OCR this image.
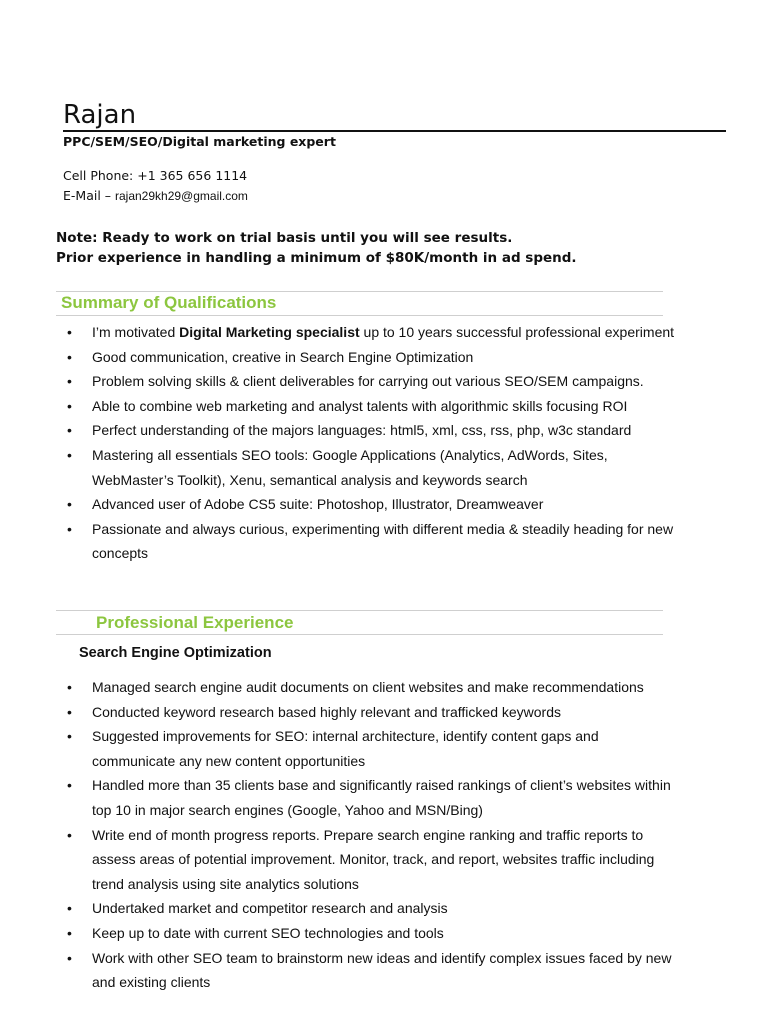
Rajan
PPC/SEM/SEO/Digital marketing expert
Cell Phone: +1 365 656 1114
E-Mail – rajan29kh29@gmail.com
Note: Ready to work on trial basis until you will see results.
Prior experience in handling a minimum of $80K/month in ad spend.
Summary of Qualifications
• I’m motivated Digital Marketing specialist up to 10 years successful professional experiment
• Good communication, creative in Search Engine Optimization
• Problem solving skills & client deliverables for carrying out various SEO/SEM campaigns.
• Able to combine web marketing and analyst talents with algorithmic skills focusing ROI
• Perfect understanding of the majors languages: html5, xml, css, rss, php, w3c standard
• Mastering all essentials SEO tools: Google Applications (Analytics, AdWords, Sites, WebMaster’s Toolkit), Xenu, semantical analysis and keywords search
• Advanced user of Adobe CS5 suite: Photoshop, Illustrator, Dreamweaver
• Passionate and always curious, experimenting with different media & steadily heading for new concepts
Professional Experience
Search Engine Optimization
• Managed search engine audit documents on client websites and make recommendations
• Conducted keyword research based highly relevant and trafficked keywords
• Suggested improvements for SEO: internal architecture, identify content gaps and communicate any new content opportunities
• Handled more than 35 clients base and significantly raised rankings of client’s websites within top 10 in major search engines (Google, Yahoo and MSN/Bing)
• Write end of month progress reports. Prepare search engine ranking and traffic reports to assess areas of potential improvement. Monitor, track, and report, websites traffic including trend analysis using site analytics solutions
• Undertaked market and competitor research and analysis
• Keep up to date with current SEO technologies and tools
• Work with other SEO team to brainstorm new ideas and identify complex issues faced by new and existing clients
